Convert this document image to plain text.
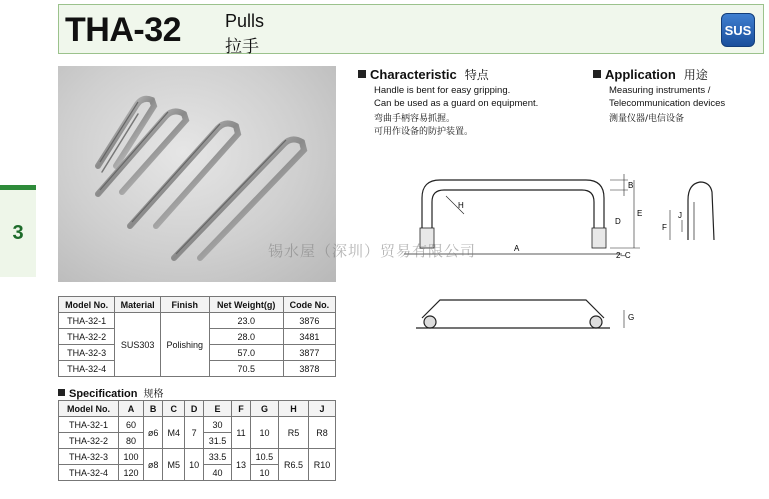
THA-32 Pulls
拉手
SUS
3
Characteristic 特点
Handle is bent for easy gripping.
Can be used as a guard on equipment.
弯曲手柄容易抓握。
可用作设备的防护装置。
Application 用途
Measuring instruments /
Telecommunication devices
测量仪器/电信设备
A
B
2–C
D
E
F
G
H
J
锡水屋（深圳）贸易有限公司
Model No.	Material	Finish	Net Weight(g)	Code No.
THA-32-1	SUS303	Polishing	23.0	3876
THA-32-2			28.0	3481
THA-32-3			57.0	3877
THA-32-4			70.5	3878
Specification 规格
Model No.	A	B	C	D	E	F	G	H	J
THA-32-1	60	ø6	M4	7	30	11	10	R5	R8
THA-32-2	80				31.5				
THA-32-3	100	ø8	M5	10	33.5	13	10.5	R6.5	R10
THA-32-4	120				40		10		
